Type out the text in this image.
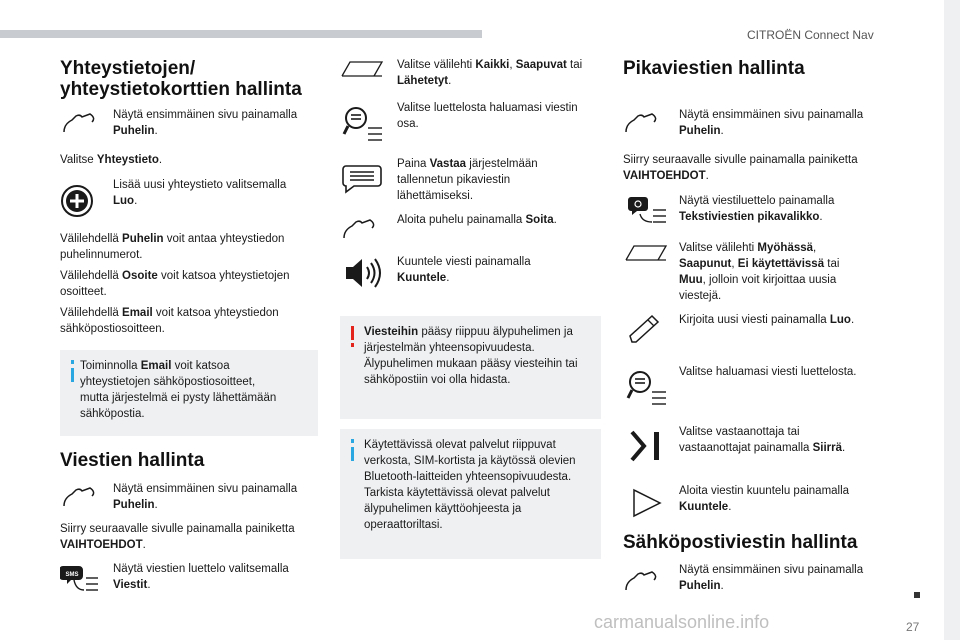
CITROËN Connect Nav
Yhteystietojen/
yhteystietokorttien hallinta
Näytä ensimmäinen sivu painamalla
Puhelin.
Valitse Yhteystieto.
Lisää uusi yhteystieto valitsemalla
Luo.
Välilehdellä Puhelin voit antaa yhteystiedon
puhelinnumerot.
Välilehdellä Osoite voit katsoa yhteystietojen
osoitteet.
Välilehdellä Email voit katsoa yhteystiedon
sähköpostiosoitteen.
Toiminnolla Email voit katsoa
yhteystietojen sähköpostiosoitteet,
mutta järjestelmä ei pysty lähettämään
sähköpostia.
Viestien hallinta
Näytä ensimmäinen sivu painamalla
Puhelin.
Siirry seuraavalle sivulle painamalla painiketta
VAIHTOEHDOT.
SMS	Näytä viestien luettelo valitsemalla
Viestit.
Valitse välilehti Kaikki, Saapuvat tai
Lähetetyt.
Valitse luettelosta haluamasi viestin
osa.
Paina Vastaa järjestelmään
tallennetun pikaviestin
lähettämiseksi.
Aloita puhelu painamalla Soita.
Kuuntele viesti painamalla
Kuuntele.
Viesteihin pääsy riippuu älypuhelimen ja
järjestelmän yhteensopivuudesta.
Älypuhelimen mukaan pääsy viesteihin tai
sähköpostiin voi olla hidasta.
Käytettävissä olevat palvelut riippuvat
verkosta, SIM-kortista ja käytössä olevien
Bluetooth-laitteiden yhteensopivuudesta.
Tarkista käytettävissä olevat palvelut
älypuhelimen käyttöohjeesta ja
operaattoriltasi.
Pikaviestien hallinta
Näytä ensimmäinen sivu painamalla
Puhelin.
Siirry seuraavalle sivulle painamalla painiketta
VAIHTOEHDOT.
Näytä viestiluettelo painamalla
Tekstiviestien pikavalikko.
Valitse välilehti Myöhässä,
Saapunut, Ei käytettävissä tai
Muu, jolloin voit kirjoittaa uusia
viestejä.
Kirjoita uusi viesti painamalla Luo.
Valitse haluamasi viesti luettelosta.
Valitse vastaanottaja tai
vastaanottajat painamalla Siirrä.
Aloita viestin kuuntelu painamalla
Kuuntele.
Sähköpostiviestin hallinta
Näytä ensimmäinen sivu painamalla
Puhelin.
27
carmanualsonline.info
